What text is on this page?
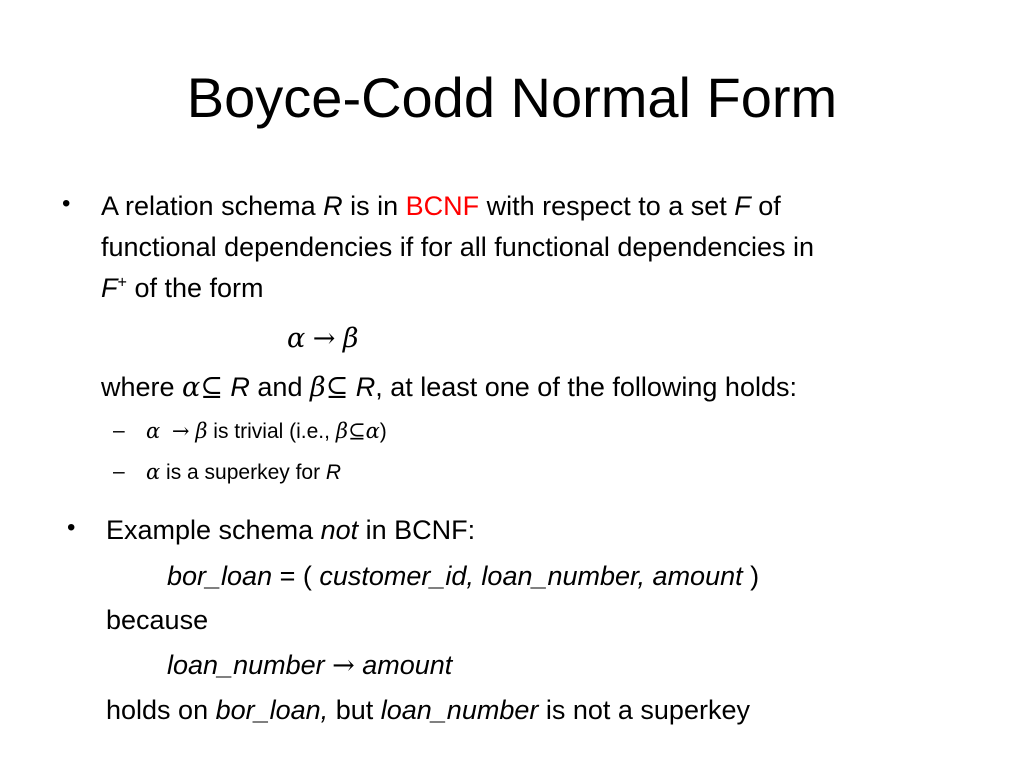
Boyce-Codd Normal Form
• A relation schema R is in BCNF with respect to a set F of
functional dependencies if for all functional dependencies in
F+ of the form
α → β
where α⊆ R and β⊆ R, at least one of the following holds:
– α → β is trivial (i.e., β⊆α)
– α is a superkey for R
• Example schema not in BCNF:
bor_loan = ( customer_id, loan_number, amount )
because
loan_number → amount
holds on bor_loan, but loan_number is not a superkey
